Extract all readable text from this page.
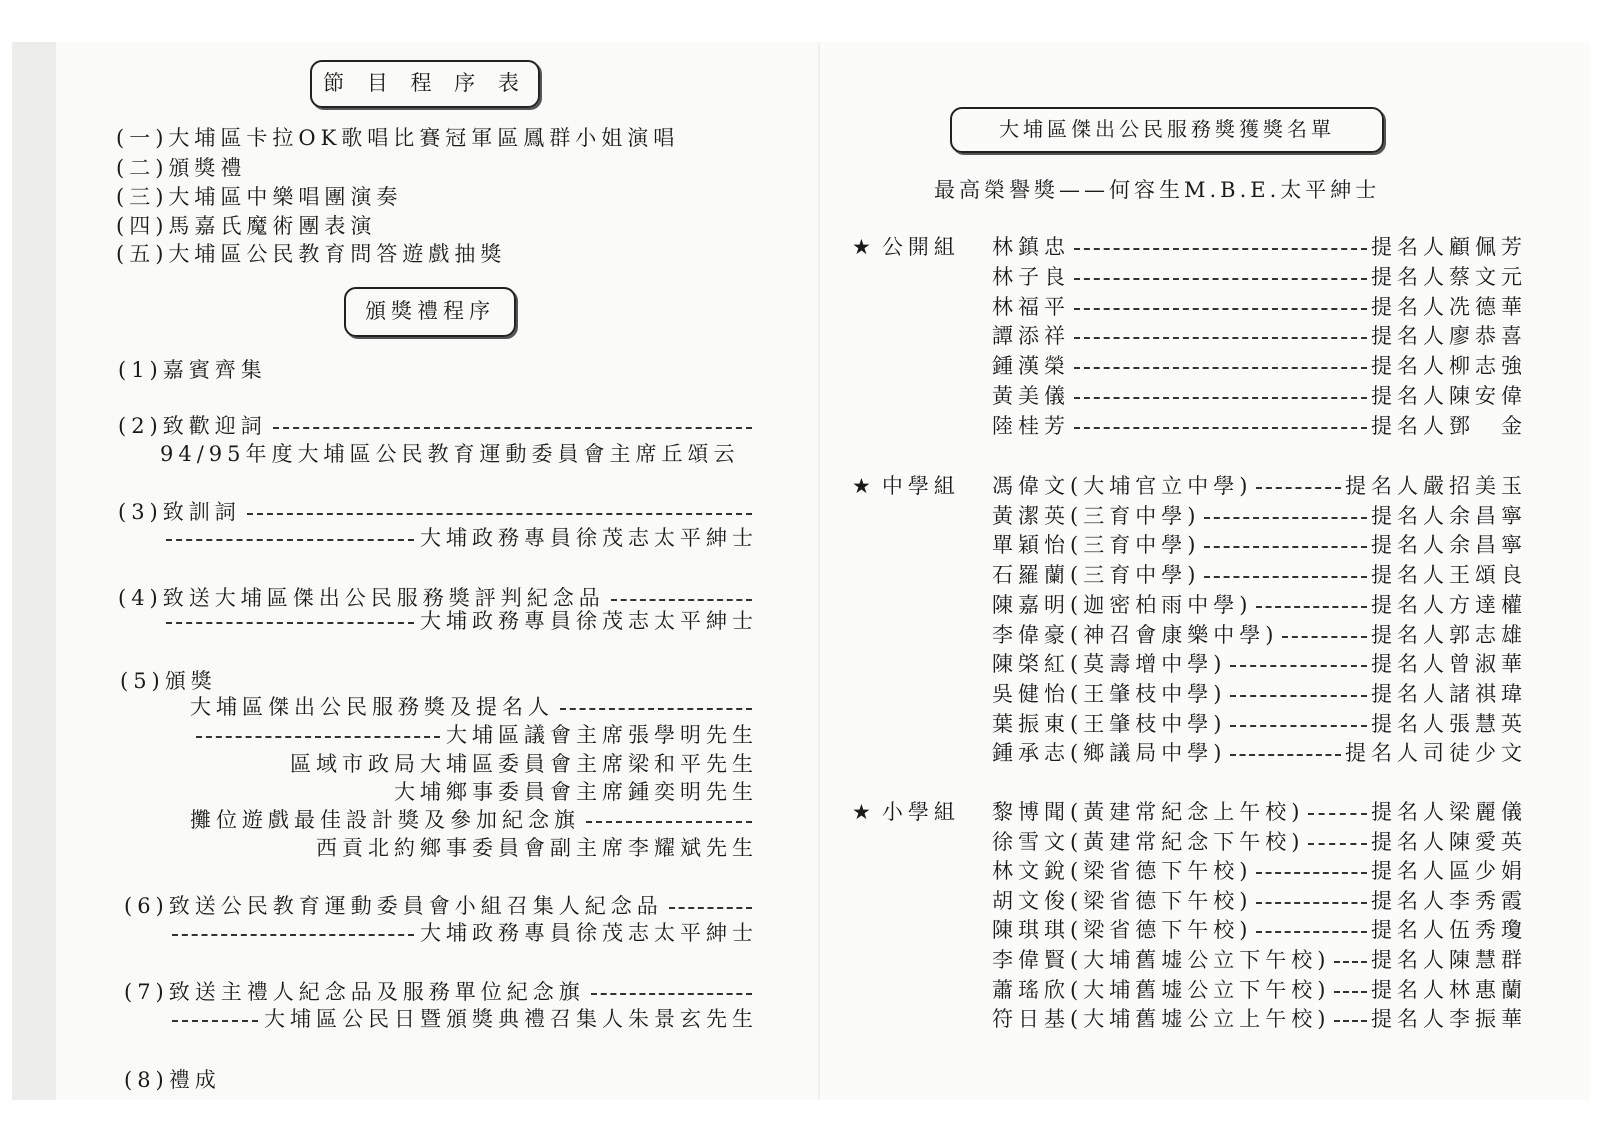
節 目 程 序 表
(一)大埔區卡拉OK歌唱比賽冠軍區鳳群小姐演唱
(二)頒獎禮
(三)大埔區中樂唱團演奏
(四)馬嘉氏魔術團表演
(五)大埔區公民教育問答遊戲抽獎
頒獎禮程序
(1)嘉賓齊集
(2)致歡迎詞
94/95年度大埔區公民教育運動委員會主席丘頌云
(3)致訓詞
大埔政務專員徐茂志太平紳士
(4)致送大埔區傑出公民服務獎評判紀念品
大埔政務專員徐茂志太平紳士
(5)頒獎
大埔區傑出公民服務獎及提名人
大埔區議會主席張學明先生
區域市政局大埔區委員會主席梁和平先生
大埔鄉事委員會主席鍾奕明先生
攤位遊戲最佳設計獎及參加紀念旗
西貢北約鄉事委員會副主席李耀斌先生
(6)致送公民教育運動委員會小組召集人紀念品
大埔政務專員徐茂志太平紳士
(7)致送主禮人紀念品及服務單位紀念旗
大埔區公民日暨頒獎典禮召集人朱景玄先生
(8)禮成
大埔區傑出公民服務獎獲獎名單
最高榮譽獎——何容生M.B.E.太平紳士
★ 公開組 林鎮忠	提名人顧佩芳
林子良	提名人蔡文元
林福平	提名人冼德華
譚添祥	提名人廖恭喜
鍾漢榮	提名人柳志強
黃美儀	提名人陳安偉
陸桂芳	提名人鄧　金
★ 中學組 馮偉文(大埔官立中學)	提名人嚴招美玉
黃潔英(三育中學)	提名人余昌寧
單穎怡(三育中學)	提名人余昌寧
石羅蘭(三育中學)	提名人王頌良
陳嘉明(迦密柏雨中學)	提名人方達權
李偉豪(神召會康樂中學)	提名人郭志雄
陳棨紅(莫壽增中學)	提名人曾淑華
吳健怡(王肇枝中學)	提名人諸祺瑋
葉振東(王肇枝中學)	提名人張慧英
鍾承志(鄉議局中學)	提名人司徒少文
★ 小學組 黎博聞(黃建常紀念上午校)	提名人梁麗儀
徐雪文(黃建常紀念下午校)	提名人陳愛英
林文銳(梁省德下午校)	提名人區少娟
胡文俊(梁省德下午校)	提名人李秀霞
陳琪琪(梁省德下午校)	提名人伍秀瓊
李偉賢(大埔舊墟公立下午校) 提名人陳慧群
蕭瑤欣(大埔舊墟公立下午校) 提名人林惠蘭
符日基(大埔舊墟公立上午校) 提名人李振華
